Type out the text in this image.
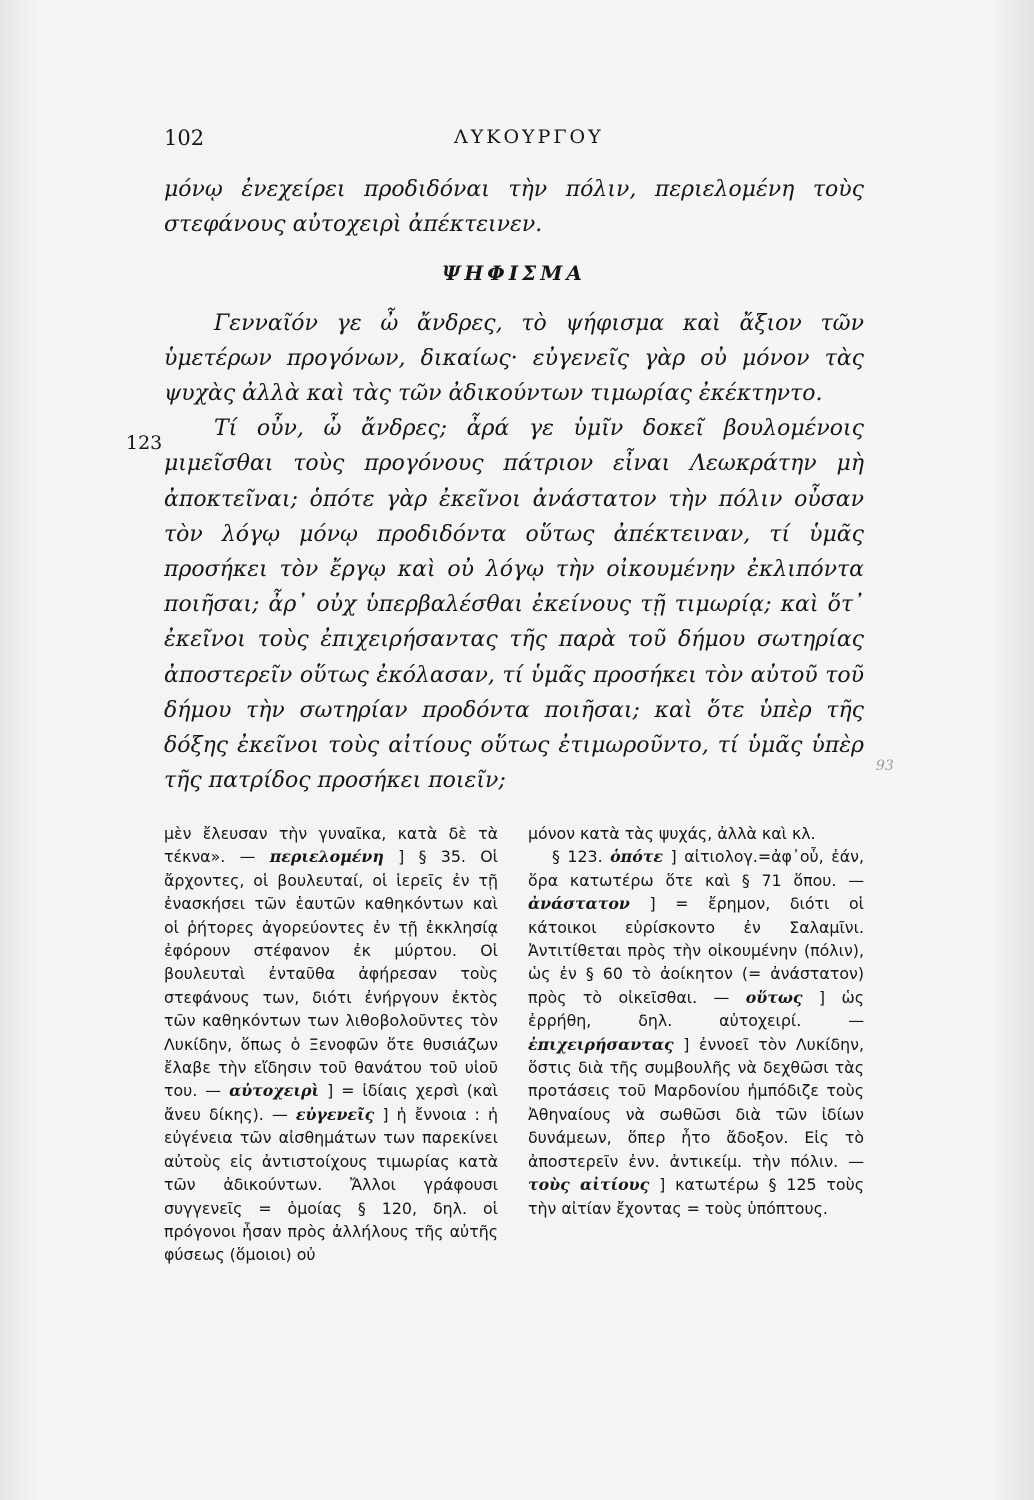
102	ΛΥΚΟΥΡΓΟΥ
123

μόνῳ ἐνεχείρει προδιδόναι τὴν πόλιν, περιελομένη τοὺς στεφάνους αὐτοχειρὶ ἀπέκτεινεν.

ΨΗΦΙΣΜΑ

Γενναῖόν γε ὦ ἄνδρες, τὸ ψήφισμα καὶ ἄξιον τῶν ὑμετέρων προγόνων, δικαίως· εὐγενεῖς γὰρ οὐ μόνον τὰς ψυχὰς ἀλλὰ καὶ τὰς τῶν ἀδικούντων τιμωρίας ἐκέκτηντο.

Τί οὖν, ὦ ἄνδρες; ἆρά γε ὑμῖν δοκεῖ βουλομένοις μιμεῖσθαι τοὺς προγόνους πάτριον εἶναι Λεωκράτην μὴ ἀποκτεῖναι; ὁπότε γὰρ ἐκεῖνοι ἀνάστατον τὴν πόλιν οὖσαν τὸν λόγῳ μόνῳ προδιδόντα οὕτως ἀπέκτειναν, τί ὑμᾶς προσήκει τὸν ἔργῳ καὶ οὐ λόγῳ τὴν οἰκουμένην ἐκλιπόντα ποιῆσαι; ἆρ᾽ οὐχ ὑπερβαλέσθαι ἐκείνους τῇ τιμωρίᾳ; καὶ ὅτ᾽ ἐκεῖνοι τοὺς ἐπιχειρήσαντας τῆς παρὰ τοῦ δήμου σωτηρίας ἀποστερεῖν οὕτως ἐκόλασαν, τί ὑμᾶς προσήκει τὸν αὐτοῦ τοῦ δήμου τὴν σωτηρίαν προδόντα ποιῆσαι; καὶ ὅτε ὑπὲρ τῆς δόξης ἐκεῖνοι τοὺς αἰτίους οὕτως ἐτιμωροῦντο, τί ὑμᾶς ὑπὲρ τῆς πατρίδος προσήκει ποιεῖν;

93

μὲν ἔλευσαν τὴν γυναῖκα, κατὰ δὲ τὰ τέκνα». — περιελομένη ] § 35. Οἱ ἄρχοντες, οἱ βουλευταί, οἱ ἱερεῖς ἐν τῇ ἐνασκήσει τῶν ἑαυτῶν καθηκόντων καὶ οἱ ῥήτορες ἀγορεύοντες ἐν τῇ ἐκκλησίᾳ ἐφόρουν στέφανον ἐκ μύρτου. Οἱ βουλευταὶ ἐνταῦθα ἀφήρεσαν τοὺς στεφάνους των, διότι ἐνήργουν ἐκτὸς τῶν καθηκόντων των λιθοβολοῦντες τὸν Λυκίδην, ὅπως ὁ Ξενοφῶν ὅτε θυσιάζων ἔλαβε τὴν εἴδησιν τοῦ θανάτου τοῦ υἱοῦ του. — αὐτοχειρὶ ] = ἰδίαις χερσὶ (καὶ ἄνευ δίκης). — εὐγενεῖς ] ἡ ἔννοια : ἡ εὐγένεια τῶν αἰσθημάτων των παρεκίνει αὐτοὺς εἰς ἀντιστοίχους τιμωρίας κατὰ τῶν ἀδικούντων. Ἄλλοι γράφουσι συγγενεῖς = ὁμοίας § 120, δηλ. οἱ πρόγονοι ἦσαν πρὸς ἀλλήλους τῆς αὐτῆς φύσεως (ὅμοιοι) οὐ

μόνον κατὰ τὰς ψυχάς, ἀλλὰ καὶ κλ.

§ 123. ὁπότε ] αἰτιολογ.=ἀφ᾽οὗ, ἐάν, ὅρα κατωτέρω ὅτε καὶ § 71 ὅπου. — ἀνάστατον ] = ἔρημον, διότι οἱ κάτοικοι εὑρίσκοντο ἐν Σαλαμῖνι. Ἀντιτίθεται πρὸς τὴν οἰκουμένην (πόλιν), ὡς ἐν § 60 τὸ ἀοίκητον (= ἀνάστατον) πρὸς τὸ οἰκεῖσθαι. — οὕτως ] ὡς ἐρρήθη, δηλ. αὐτοχειρί. — ἐπιχειρήσαντας ] ἐννοεῖ τὸν Λυκίδην, ὅστις διὰ τῆς συμβουλῆς νὰ δεχθῶσι τὰς προτάσεις τοῦ Μαρδονίου ἠμπόδιζε τοὺς Ἀθηναίους νὰ σωθῶσι διὰ τῶν ἰδίων δυνάμεων, ὅπερ ἦτο ἄδοξον. Εἰς τὸ ἀποστερεῖν ἐνν. ἀντικείμ. τὴν πόλιν. — τοὺς αἰτίους ] κατωτέρω § 125 τοὺς τὴν αἰτίαν ἔχοντας = τοὺς ὑπόπτους.
